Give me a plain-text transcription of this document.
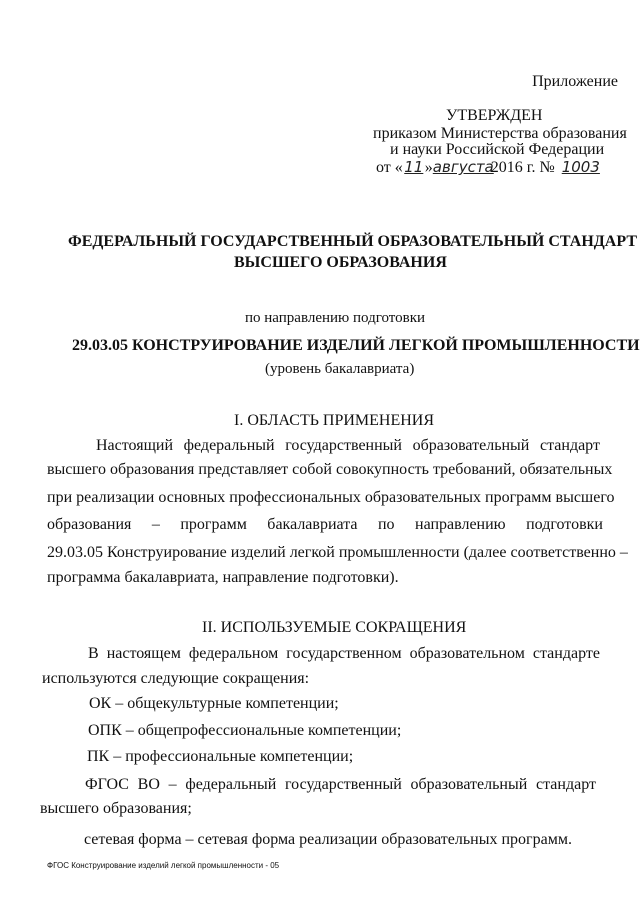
Приложение
УТВЕРЖДЕН
приказом Министерства образования
и науки Российской Федерации
от «11»августа2016 г. № 1003
ФЕДЕРАЛЬНЫЙ ГОСУДАРСТВЕННЫЙ ОБРАЗОВАТЕЛЬНЫЙ СТАНДАРТ
ВЫСШЕГО ОБРАЗОВАНИЯ
по направлению подготовки
29.03.05 КОНСТРУИРОВАНИЕ ИЗДЕЛИЙ ЛЕГКОЙ ПРОМЫШЛЕННОСТИ
(уровень бакалавриата)
I. ОБЛАСТЬ ПРИМЕНЕНИЯ
Настоящий федеральный государственный образовательный стандарт
высшего образования представляет собой совокупность требований, обязательных
при реализации основных профессиональных образовательных программ высшего
образования – программ бакалавриата по направлению подготовки
29.03.05 Конструирование изделий легкой промышленности (далее соответственно –
программа бакалавриата, направление подготовки).
II. ИСПОЛЬЗУЕМЫЕ СОКРАЩЕНИЯ
В настоящем федеральном государственном образовательном стандарте
используются следующие сокращения:
ОК – общекультурные компетенции;
ОПК – общепрофессиональные компетенции;
ПК – профессиональные компетенции;
ФГОС ВО – федеральный государственный образовательный стандарт
высшего образования;
сетевая форма – сетевая форма реализации образовательных программ.
ФГОС Конструирование изделий легкой промышленности - 05
